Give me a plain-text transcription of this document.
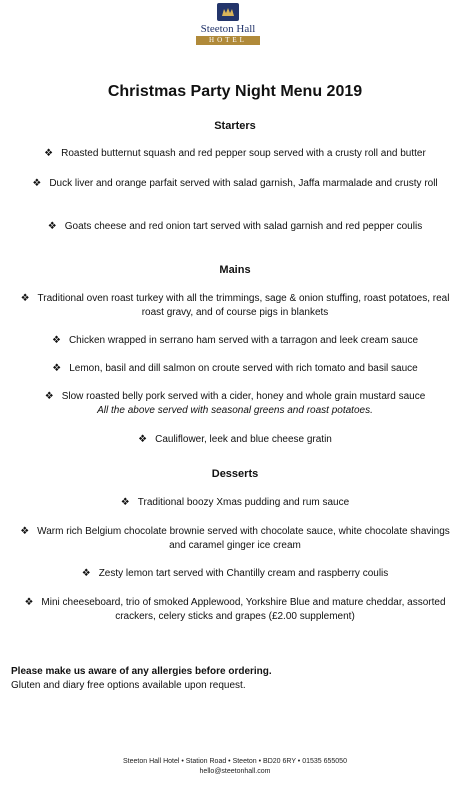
Steeton Hall
HOTEL
Christmas Party Night Menu 2019
Starters
❖ Roasted butternut squash and red pepper soup served with a crusty roll and butter
❖ Duck liver and orange parfait served with salad garnish, Jaffa marmalade and crusty roll
❖ Goats cheese and red onion tart served with salad garnish and red pepper coulis
Mains
❖ Traditional oven roast turkey with all the trimmings, sage & onion stuffing, roast potatoes, real roast gravy, and of course pigs in blankets
❖ Chicken wrapped in serrano ham served with a tarragon and leek cream sauce
❖ Lemon, basil and dill salmon on croute served with rich tomato and basil sauce
❖ Slow roasted belly pork served with a cider, honey and whole grain mustard sauce
All the above served with seasonal greens and roast potatoes.
❖ Cauliflower, leek and blue cheese gratin
Desserts
❖ Traditional boozy Xmas pudding and rum sauce
❖ Warm rich Belgium chocolate brownie served with chocolate sauce, white chocolate shavings and caramel ginger ice cream
❖ Zesty lemon tart served with Chantilly cream and raspberry coulis
❖ Mini cheeseboard, trio of smoked Applewood, Yorkshire Blue and mature cheddar, assorted crackers, celery sticks and grapes (£2.00 supplement)
Please make us aware of any allergies before ordering.
Gluten and diary free options available upon request.
Steeton Hall Hotel • Station Road • Steeton • BD20 6RY • 01535 655050
hello@steetonhall.com
